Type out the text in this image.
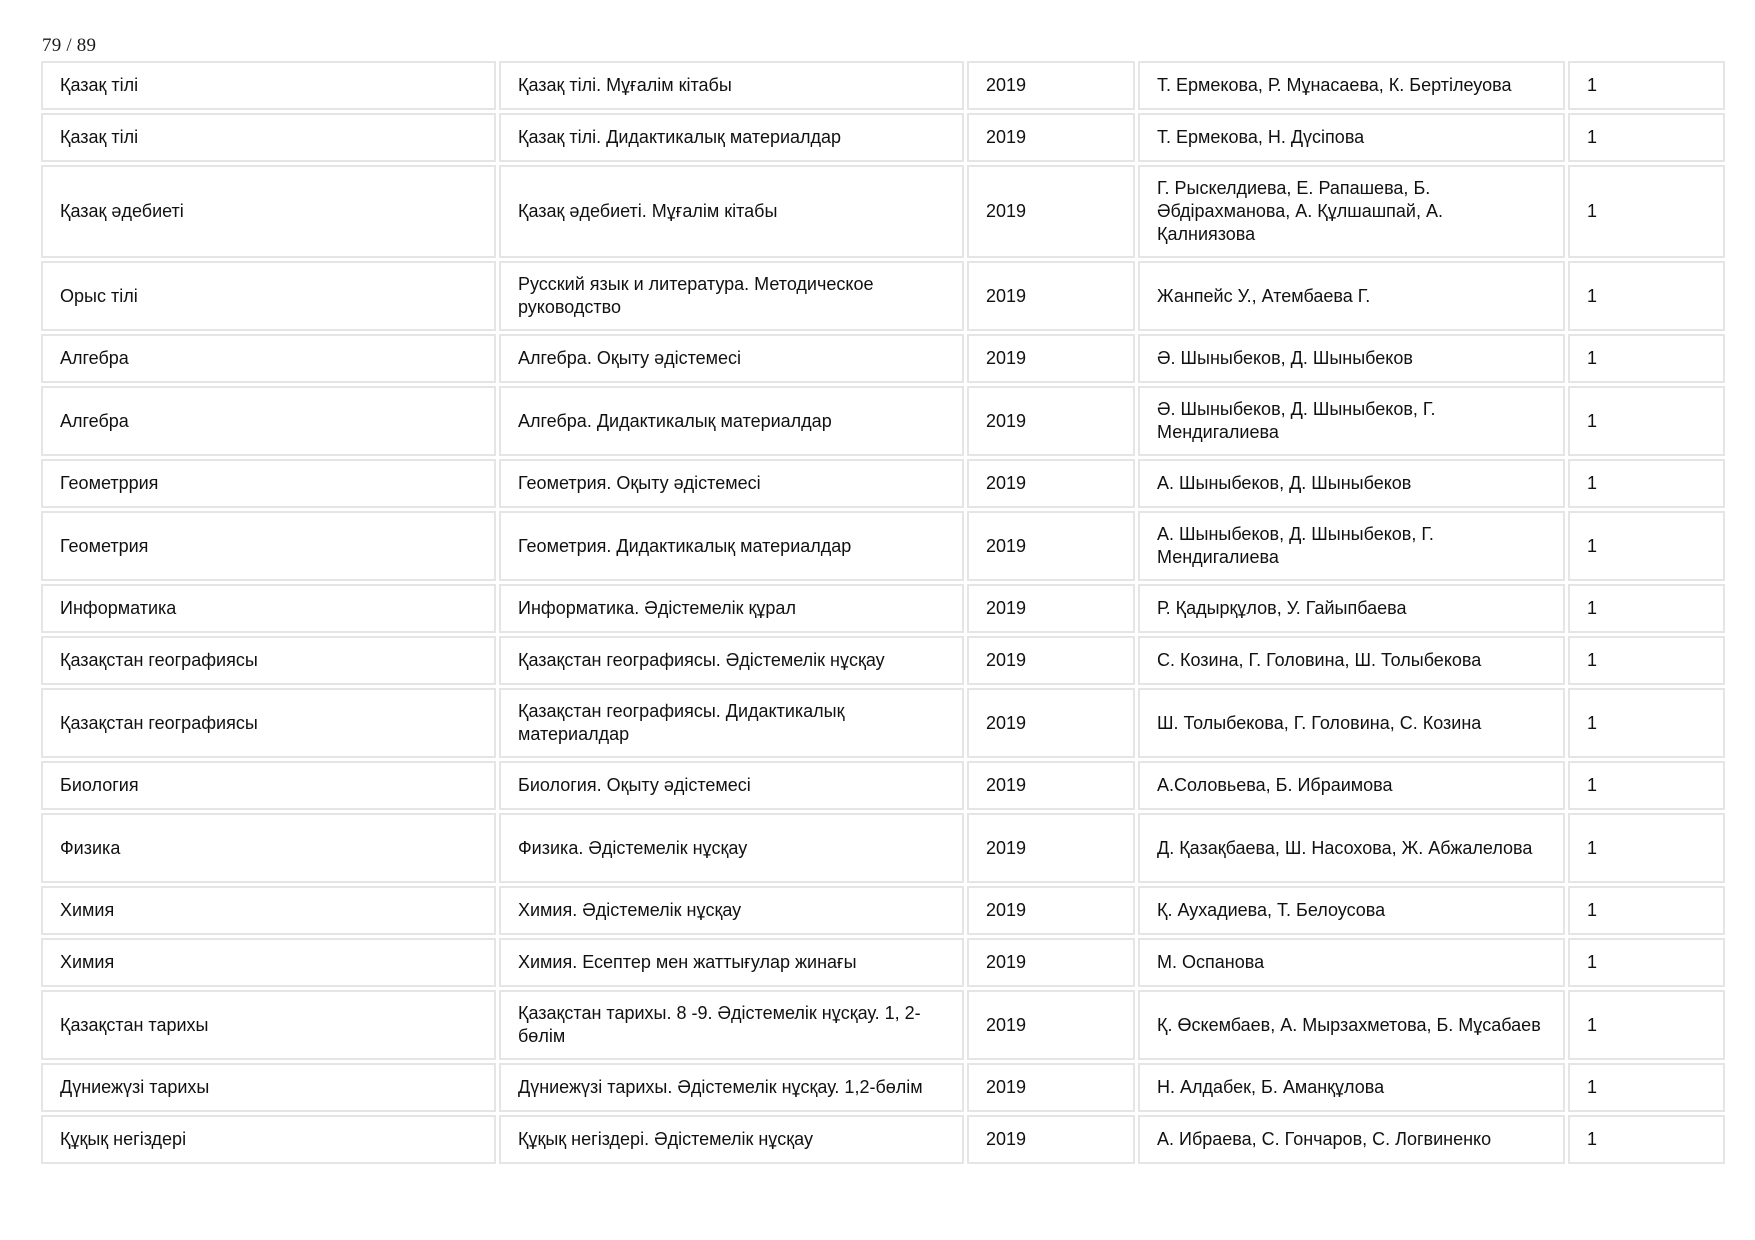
79 / 89
Қазақ тілі	Қазақ тілі. Мұғалім кітабы	2019	Т. Ермекова, Р. Мұнасаева, К. Бертілеуова	1
Қазақ тілі	Қазақ тілі. Дидактикалық материалдар	2019	Т. Ермекова, Н. Дүсіпова	1
Қазақ әдебиеті	Қазақ әдебиеті. Мұғалім кітабы	2019	Г. Рыскелдиева, Е. Рапашева, Б. Әбдірахманова, А. Құлшашпай, А. Қалниязова	1
Орыс тілі	Русский язык и литература. Методическое руководство	2019	Жанпейс У., Атембаева Г.	1
Алгебра	Алгебра. Оқыту әдістемесі	2019	Ә. Шыныбеков, Д. Шыныбеков	1
Алгебра	Алгебра. Дидактикалық материалдар	2019	Ә. Шыныбеков, Д. Шыныбеков, Г. Мендигалиева	1
Геометррия	Геометрия. Оқыту әдістемесі	2019	А. Шыныбеков, Д. Шыныбеков	1
Геометрия	Геометрия. Дидактикалық материалдар	2019	А. Шыныбеков, Д. Шыныбеков, Г. Мендигалиева	1
Информатика	Информатика. Әдістемелік құрал	2019	Р. Қадырқұлов, У. Гайыпбаева	1
Қазақстан географиясы	Қазақстан географиясы. Әдістемелік нұсқау	2019	С. Козина, Г. Головина, Ш. Толыбекова	1
Қазақстан географиясы	Қазақстан географиясы. Дидактикалық материалдар	2019	Ш. Толыбекова, Г. Головина, С. Козина	1
Биология	Биология. Оқыту әдістемесі	2019	А.Соловьева, Б. Ибраимова	1
Физика	Физика. Әдістемелік нұсқау	2019	Д. Қазақбаева, Ш. Насохова, Ж. Абжалелова	1
Химия	Химия. Әдістемелік нұсқау	2019	Қ. Аухадиева, Т. Белоусова	1
Химия	Химия. Есептер мен жаттығулар жинағы	2019	М. Оспанова	1
Қазақстан тарихы	Қазақстан тарихы. 8 -9. Әдістемелік нұсқау. 1, 2-бөлім	2019	Қ. Өскембаев, А. Мырзахметова, Б. Мұсабаев	1
Дүниежүзі тарихы	Дүниежүзі тарихы. Әдістемелік нұсқау. 1,2-бөлім	2019	Н. Алдабек, Б. Аманқұлова	1
Құқық негіздері	Құқық негіздері. Әдістемелік нұсқау	2019	А. Ибраева, С. Гончаров, С. Логвиненко	1
